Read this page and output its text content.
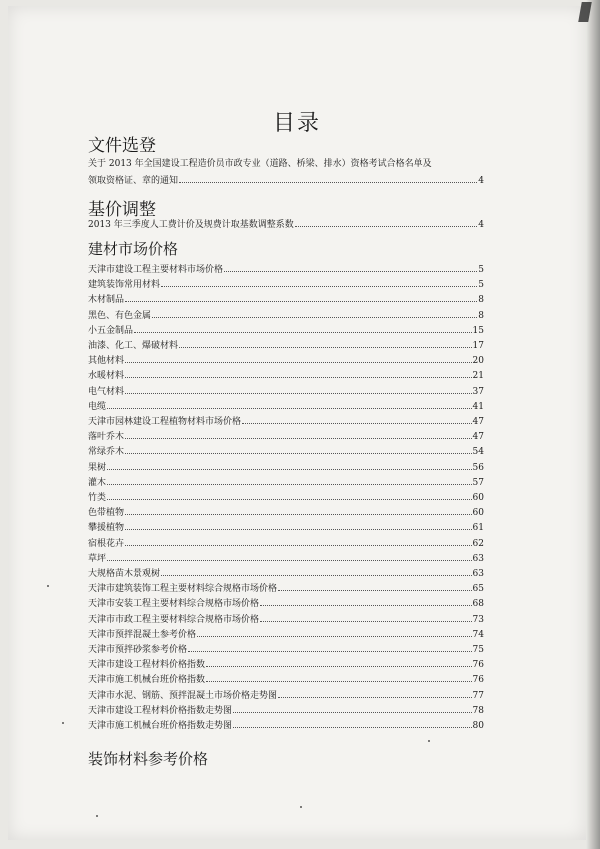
目录
文件选登
关于 2013 年全国建设工程造价员市政专业（道路、桥梁、排水）资格考试合格名单及
领取资格证、章的通知	4
基价调整
2013 年三季度人工费计价及规费计取基数调整系数	4
建材市场价格
天津市建设工程主要材料市场价格	5
建筑装饰常用材料	5
木材制品	8
黑色、有色金属	8
小五金制品	15
油漆、化工、爆破材料	17
其他材料	20
水暖材料	21
电气材料	37
电缆	41
天津市园林建设工程植物材料市场价格	47
落叶乔木	47
常绿乔木	54
果树	56
灌木	57
竹类	60
色带植物	60
攀援植物	61
宿根花卉	62
草坪	63
大规格苗木景观树	63
天津市建筑装饰工程主要材料综合规格市场价格	65
天津市安装工程主要材料综合规格市场价格	68
天津市市政工程主要材料综合规格市场价格	73
天津市预拌混凝土参考价格	74
天津市预拌砂浆参考价格	75
天津市建设工程材料价格指数	76
天津市施工机械台班价格指数	76
天津市水泥、钢筋、预拌混凝土市场价格走势图	77
天津市建设工程材料价格指数走势图	78
天津市施工机械台班价格指数走势图	80
装饰材料参考价格
